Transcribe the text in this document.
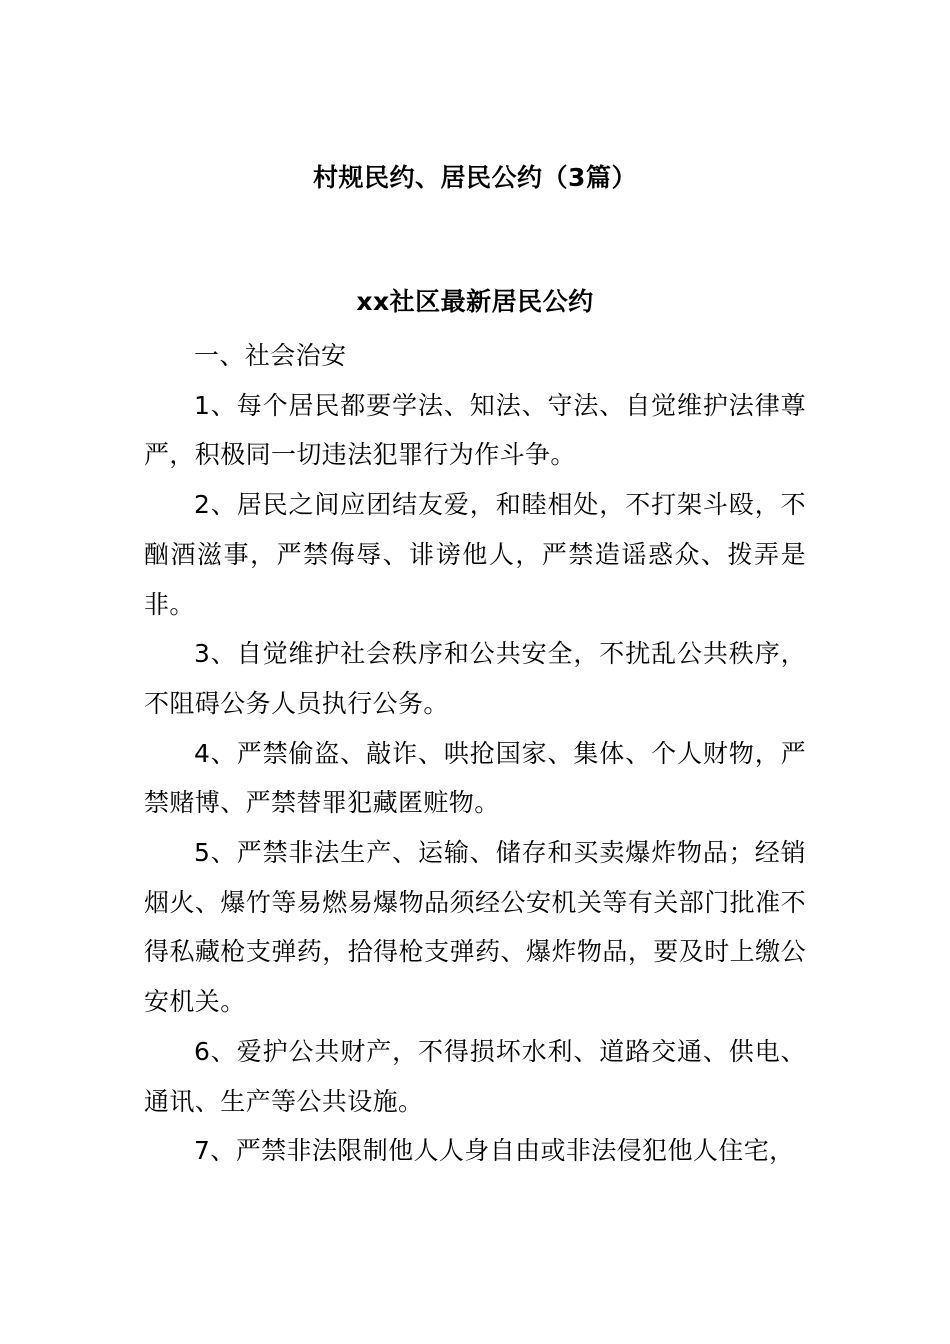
村规民约、居民公约（3篇）
xx社区最新居民公约

一、社会治安

1、每个居民都要学法、知法、守法、自觉维护法律尊严，积极同一切违法犯罪行为作斗争。

2、居民之间应团结友爱，和睦相处，不打架斗殴，不酗酒滋事，严禁侮辱、诽谤他人，严禁造谣惑众、拨弄是非。

3、自觉维护社会秩序和公共安全，不扰乱公共秩序，不阻碍公务人员执行公务。

4、严禁偷盗、敲诈、哄抢国家、集体、个人财物，严禁赌博、严禁替罪犯藏匿赃物。

5、严禁非法生产、运输、储存和买卖爆炸物品；经销烟火、爆竹等易燃易爆物品须经公安机关等有关部门批准不得私藏枪支弹药，拾得枪支弹药、爆炸物品，要及时上缴公安机关。

6、爱护公共财产，不得损坏水利、道路交通、供电、通讯、生产等公共设施。

7、严禁非法限制他人人身自由或非法侵犯他人住宅，
